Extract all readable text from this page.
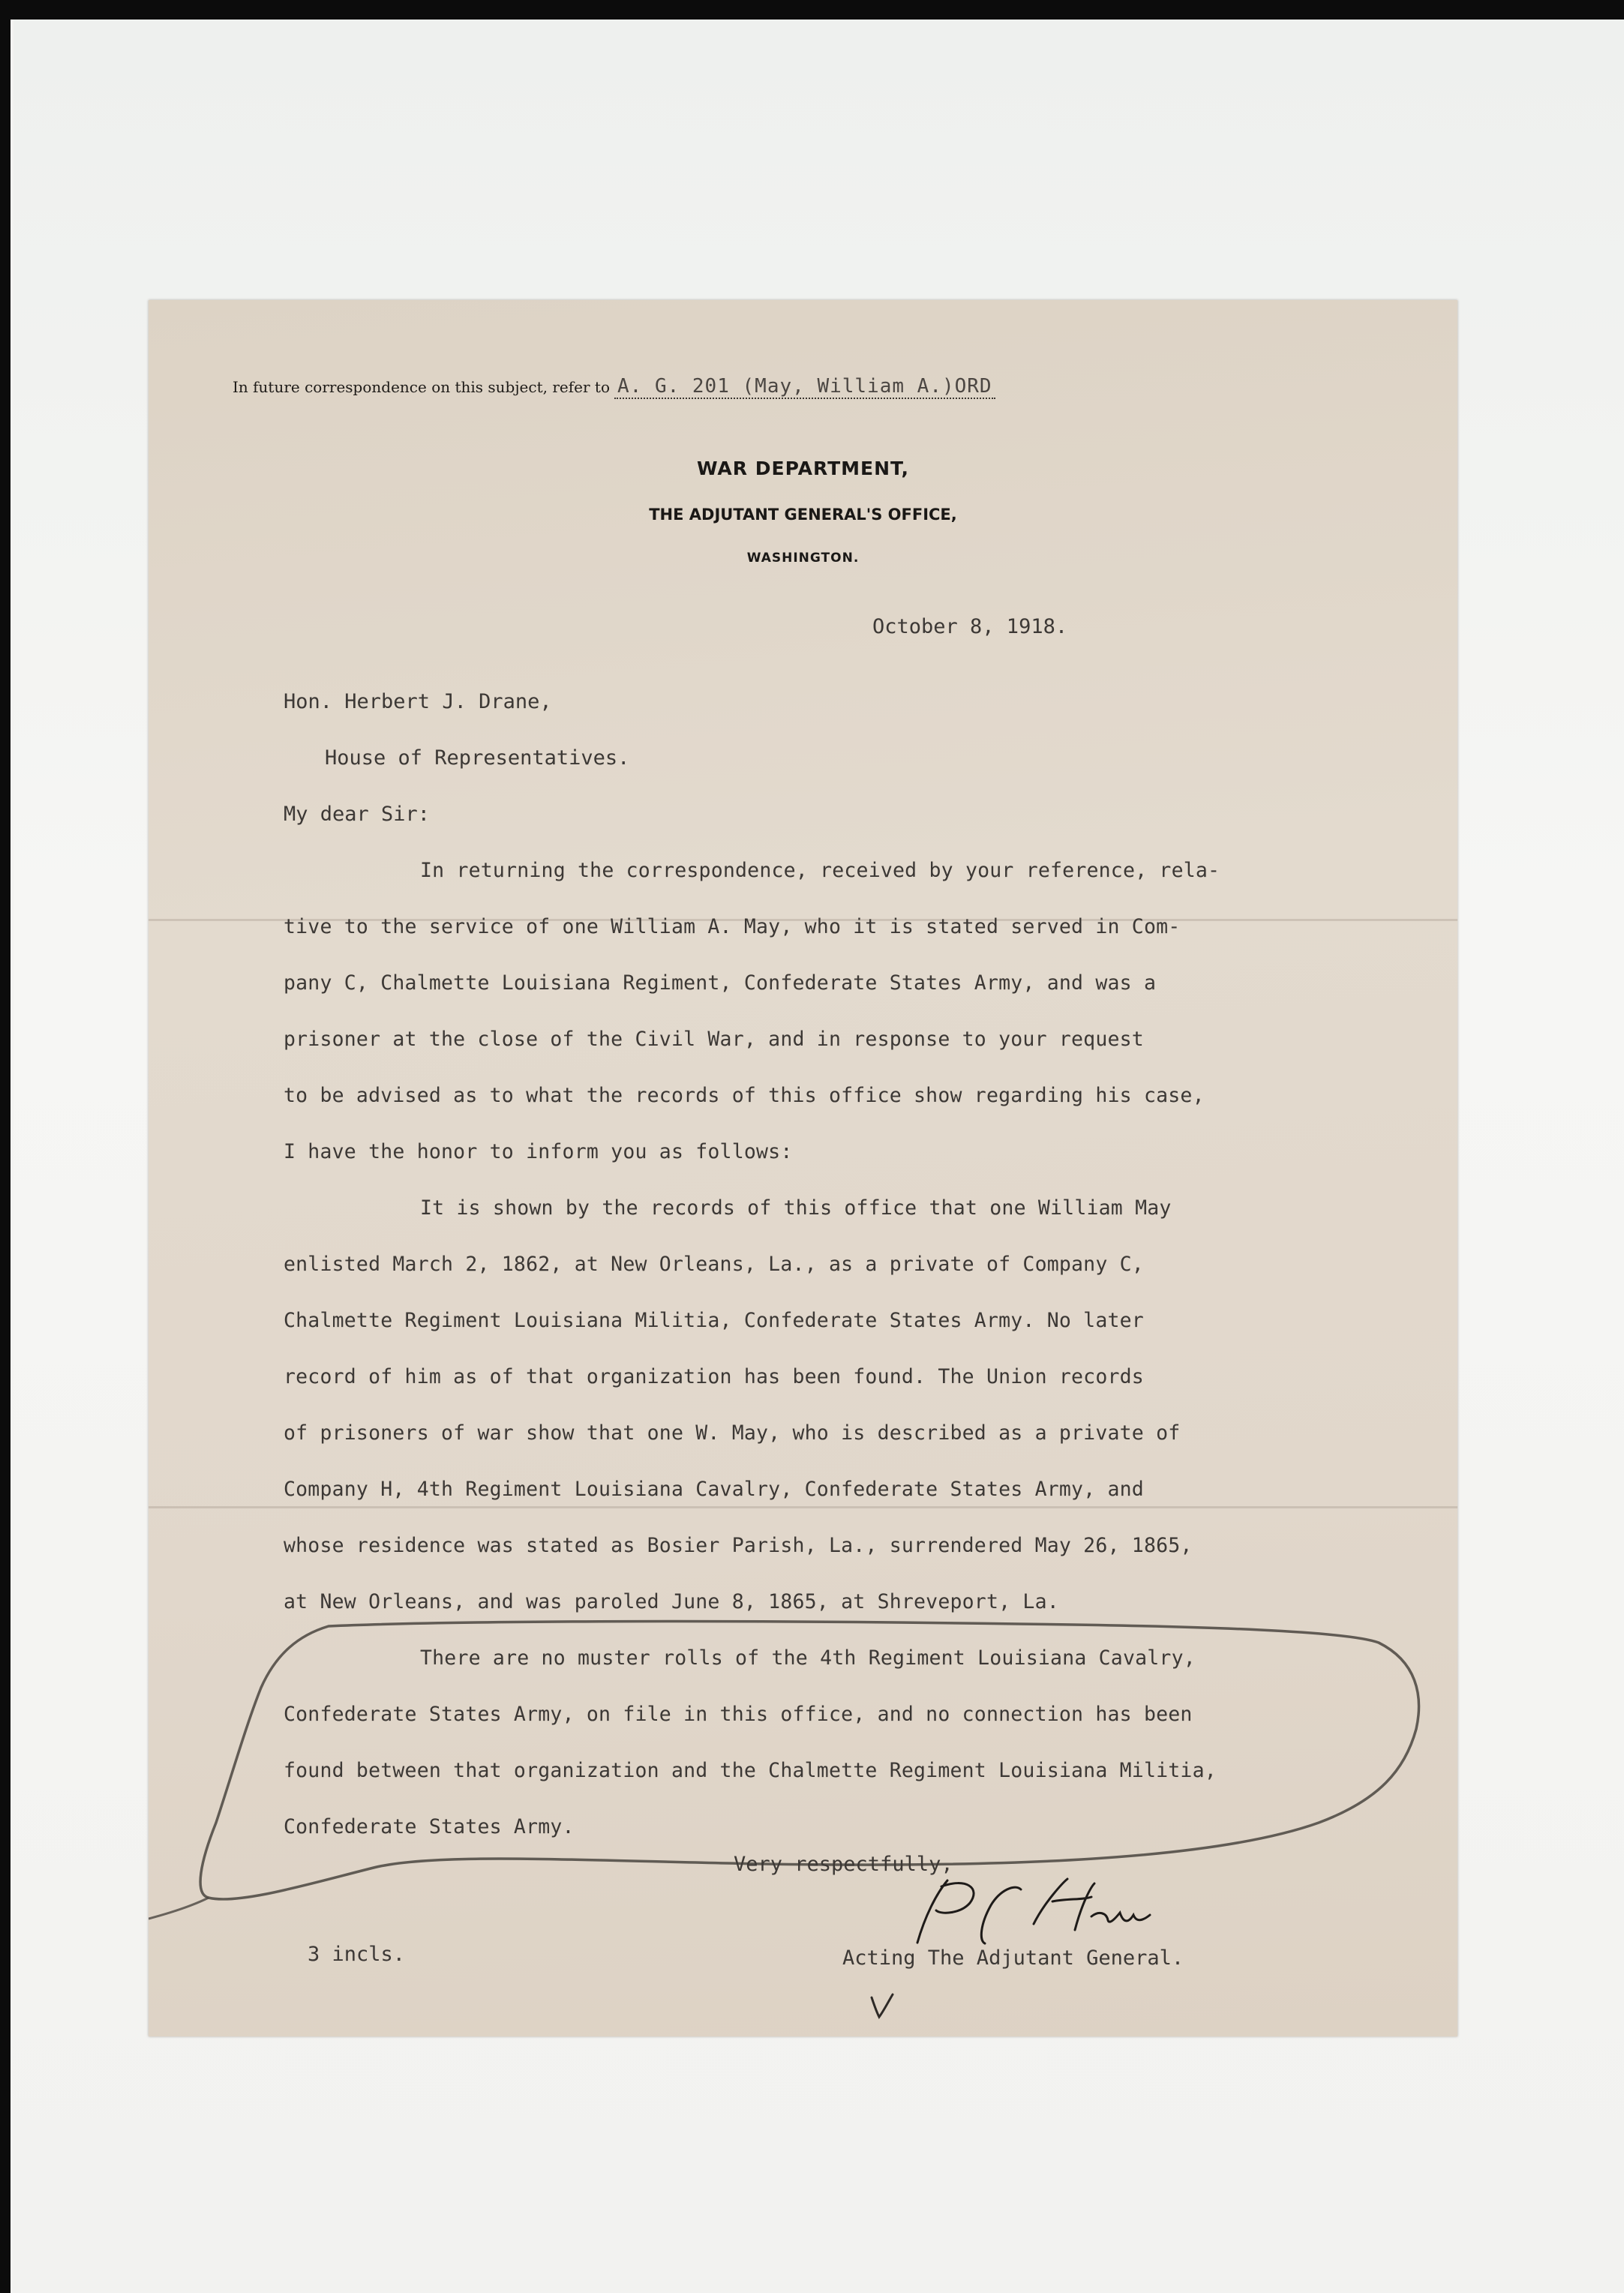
In future correspondence on this subject, refer to A. G. 201 (May, William A.)ORD
WAR DEPARTMENT,
THE ADJUTANT GENERAL'S OFFICE,
WASHINGTON.
October 8, 1918.
Hon. Herbert J. Drane,
House of Representatives.
My dear Sir:
In returning the correspondence, received by your reference, rela-
tive to the service of one William A. May, who it is stated served in Com-
pany C, Chalmette Louisiana Regiment, Confederate States Army, and was a
prisoner at the close of the Civil War, and in response to your request
to be advised as to what the records of this office show regarding his case,
I have the honor to inform you as follows:
It is shown by the records of this office that one William May
enlisted March 2, 1862, at New Orleans, La., as a private of Company C,
Chalmette Regiment Louisiana Militia, Confederate States Army. No later
record of him as of that organization has been found. The Union records
of prisoners of war show that one W. May, who is described as a private of
Company H, 4th Regiment Louisiana Cavalry, Confederate States Army, and
whose residence was stated as Bosier Parish, La., surrendered May 26, 1865,
at New Orleans, and was paroled June 8, 1865, at Shreveport, La.
There are no muster rolls of the 4th Regiment Louisiana Cavalry,
Confederate States Army, on file in this office, and no connection has been
found between that organization and the Chalmette Regiment Louisiana Militia,
Confederate States Army.
Very respectfully,
3 incls.	Acting The Adjutant General.
